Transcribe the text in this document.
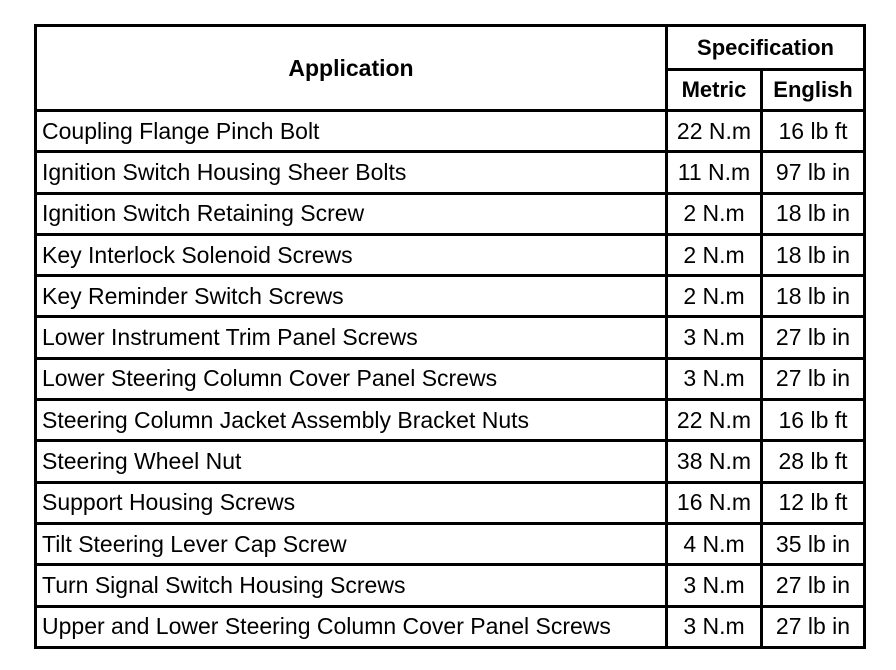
Application	Specification	
	Metric	English
Coupling Flange Pinch Bolt	22 N.m	16 lb ft
Ignition Switch Housing Sheer Bolts	11 N.m	97 lb in
Ignition Switch Retaining Screw	2 N.m	18 lb in
Key Interlock Solenoid Screws	2 N.m	18 lb in
Key Reminder Switch Screws	2 N.m	18 lb in
Lower Instrument Trim Panel Screws	3 N.m	27 lb in
Lower Steering Column Cover Panel Screws	3 N.m	27 lb in
Steering Column Jacket Assembly Bracket Nuts	22 N.m	16 lb ft
Steering Wheel Nut	38 N.m	28 lb ft
Support Housing Screws	16 N.m	12 lb ft
Tilt Steering Lever Cap Screw	4 N.m	35 lb in
Turn Signal Switch Housing Screws	3 N.m	27 lb in
Upper and Lower Steering Column Cover Panel Screws	3 N.m	27 lb in
